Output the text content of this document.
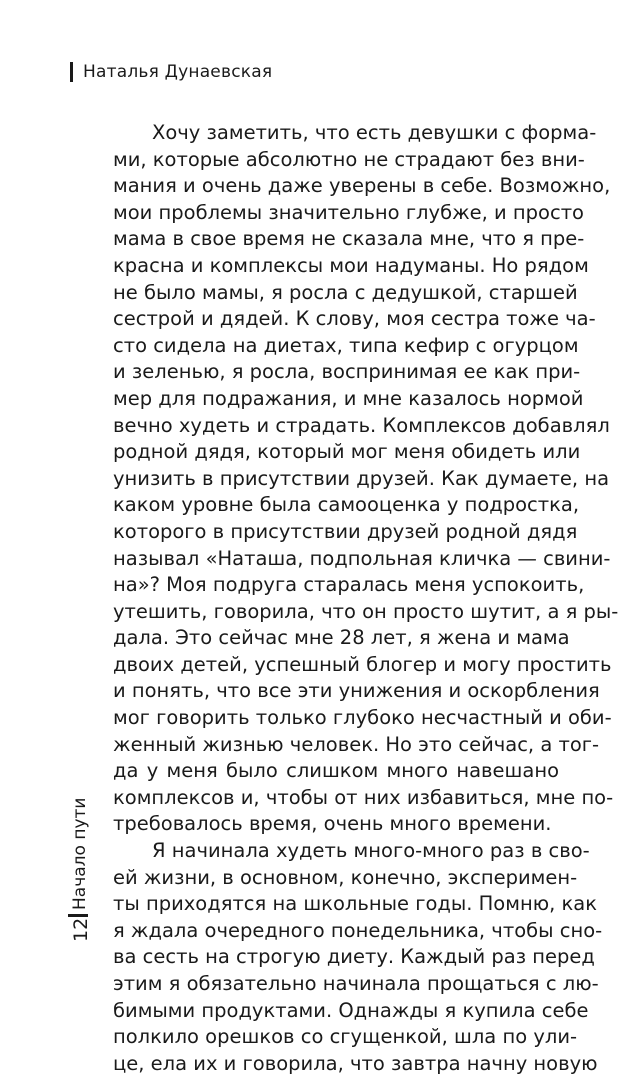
Наталья Дунаевская
Хочу заметить, что есть девушки с форма-
ми, которые абсолютно не страдают без вни-
мания и очень даже уверены в себе. Возможно,
мои проблемы значительно глубже, и просто
мама в свое время не сказала мне, что я пре-
красна и комплексы мои надуманы. Но рядом
не было мамы, я росла с дедушкой, старшей
сестрой и дядей. К слову, моя сестра тоже ча-
сто сидела на диетах, типа кефир с огурцом
и зеленью, я росла, воспринимая ее как при-
мер для подражания, и мне казалось нормой
вечно худеть и страдать. Комплексов добавлял
родной дядя, который мог меня обидеть или
унизить в присутствии друзей. Как думаете, на
каком уровне была самооценка у подростка,
которого в присутствии друзей родной дядя
называл «Наташа, подпольная кличка — свини-
на»? Моя подруга старалась меня успокоить,
утешить, говорила, что он просто шутит, а я ры-
дала. Это сейчас мне 28 лет, я жена и мама
двоих детей, успешный блогер и могу простить
и понять, что все эти унижения и оскорбления
мог говорить только глубоко несчастный и оби-
женный жизнью человек. Но это сейчас, а тог-
да у меня было слишком много навешано
комплексов и, чтобы от них избавиться, мне по-
требовалось время, очень много времени.
Я начинала худеть много-много раз в сво-
ей жизни, в основном, конечно, эксперимен-
ты приходятся на школьные годы. Помню, как
я ждала очередного понедельника, чтобы сно-
ва сесть на строгую диету. Каждый раз перед
этим я обязательно начинала прощаться с лю-
бимыми продуктами. Однажды я купила себе
полкило орешков со сгущенкой, шла по ули-
це, ела их и говорила, что завтра начну новую
Начало пути
12
